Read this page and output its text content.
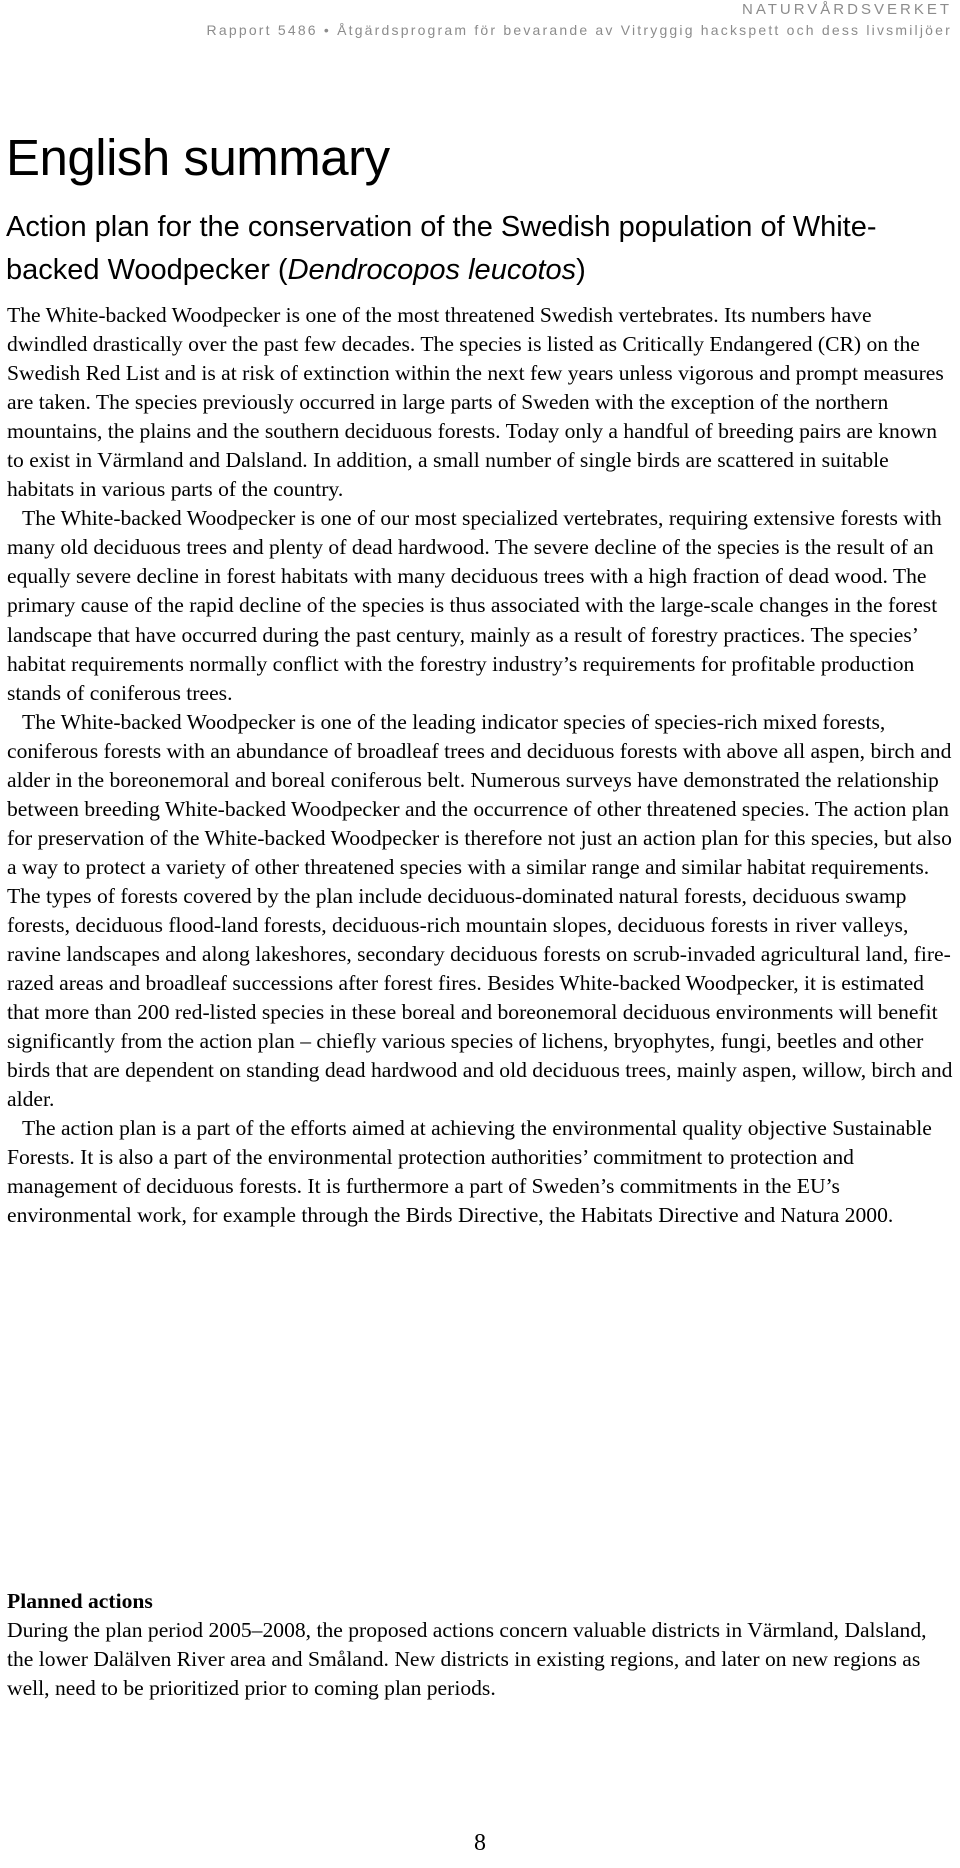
NATURVÅRDSVERKET
Rapport 5486 • Åtgärdsprogram för bevarande av Vitryggig hackspett och dess livsmiljöer
English summary
Action plan for the conservation of the Swedish population of White-backed Woodpecker (Dendrocopos leucotos)

The White-backed Woodpecker is one of the most threatened Swedish vertebrates. Its numbers have dwindled drastically over the past few decades. The species is listed as Critically Endangered (CR) on the Swedish Red List and is at risk of extinction within the next few years unless vigorous and prompt measures are taken. The species previously occurred in large parts of Sweden with the exception of the northern mountains, the plains and the southern deciduous forests. Today only a handful of breeding pairs are known to exist in Värmland and Dalsland. In addition, a small number of single birds are scattered in suitable habitats in various parts of the country.

The White-backed Woodpecker is one of our most specialized vertebrates, requiring extensive forests with many old deciduous trees and plenty of dead hardwood. The severe decline of the species is the result of an equally severe decline in forest habitats with many deciduous trees with a high fraction of dead wood. The primary cause of the rapid decline of the species is thus associated with the large-scale changes in the forest landscape that have occurred during the past century, mainly as a result of forestry practices. The species’ habitat requirements normally conflict with the forestry industry’s requirements for profitable production stands of coniferous trees.

The White-backed Woodpecker is one of the leading indicator species of species-rich mixed forests, coniferous forests with an abundance of broadleaf trees and deciduous forests with above all aspen, birch and alder in the boreonemoral and boreal coniferous belt. Numerous surveys have demonstrated the relationship between breeding White-backed Woodpecker and the occurrence of other threatened species. The action plan for preservation of the White-backed Woodpecker is therefore not just an action plan for this species, but also a way to protect a variety of other threatened species with a similar range and similar habitat requirements. The types of forests covered by the plan include deciduous-dominated natural forests, deciduous swamp forests, deciduous flood-land forests, deciduous-rich mountain slopes, deciduous forests in river valleys, ravine landscapes and along lakeshores, secondary deciduous forests on scrub-invaded agricultural land, fire-razed areas and broadleaf successions after forest fires. Besides White-backed Woodpecker, it is estimated that more than 200 red-listed species in these boreal and boreonemoral deciduous environments will benefit significantly from the action plan – chiefly various species of lichens, bryophytes, fungi, beetles and other birds that are dependent on standing dead hardwood and old deciduous trees, mainly aspen, willow, birch and alder.

The action plan is a part of the efforts aimed at achieving the environmental quality objective Sustainable Forests. It is also a part of the environmental protection authorities’ commitment to protection and management of deciduous forests. It is furthermore a part of Sweden’s commitments in the EU’s environmental work, for example through the Birds Directive, the Habitats Directive and Natura 2000.

Planned actions

During the plan period 2005–2008, the proposed actions concern valuable districts in Värmland, Dalsland, the lower Dalälven River area and Småland. New districts in existing regions, and later on new regions as well, need to be prioritized prior to coming plan periods.

8
